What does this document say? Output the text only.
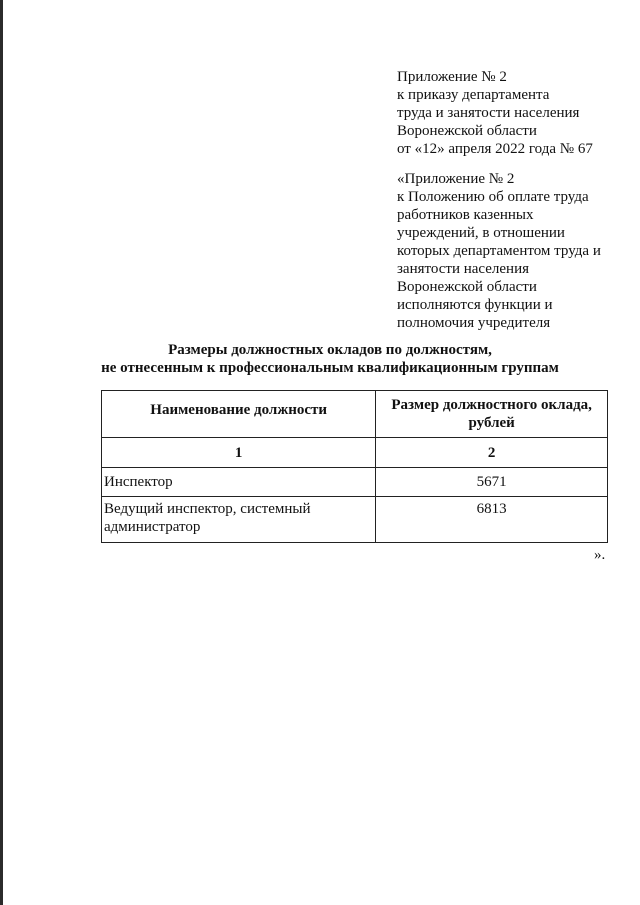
Приложение № 2
к приказу департамента
труда и занятости населения
Воронежской области
от «12» апреля 2022 года № 67
«Приложение № 2
к Положению об оплате труда
работников казенных
учреждений, в отношении
которых департаментом труда и
занятости населения
Воронежской области
исполняются функции и
полномочия учредителя
Размеры должностных окладов по должностям,
не отнесенным к профессиональным квалификационным группам
Наименование должности	Размер должностного оклада,
рублей

1	2
Инспектор	5671

Ведущий инспектор, системный
администратор	6813
».
